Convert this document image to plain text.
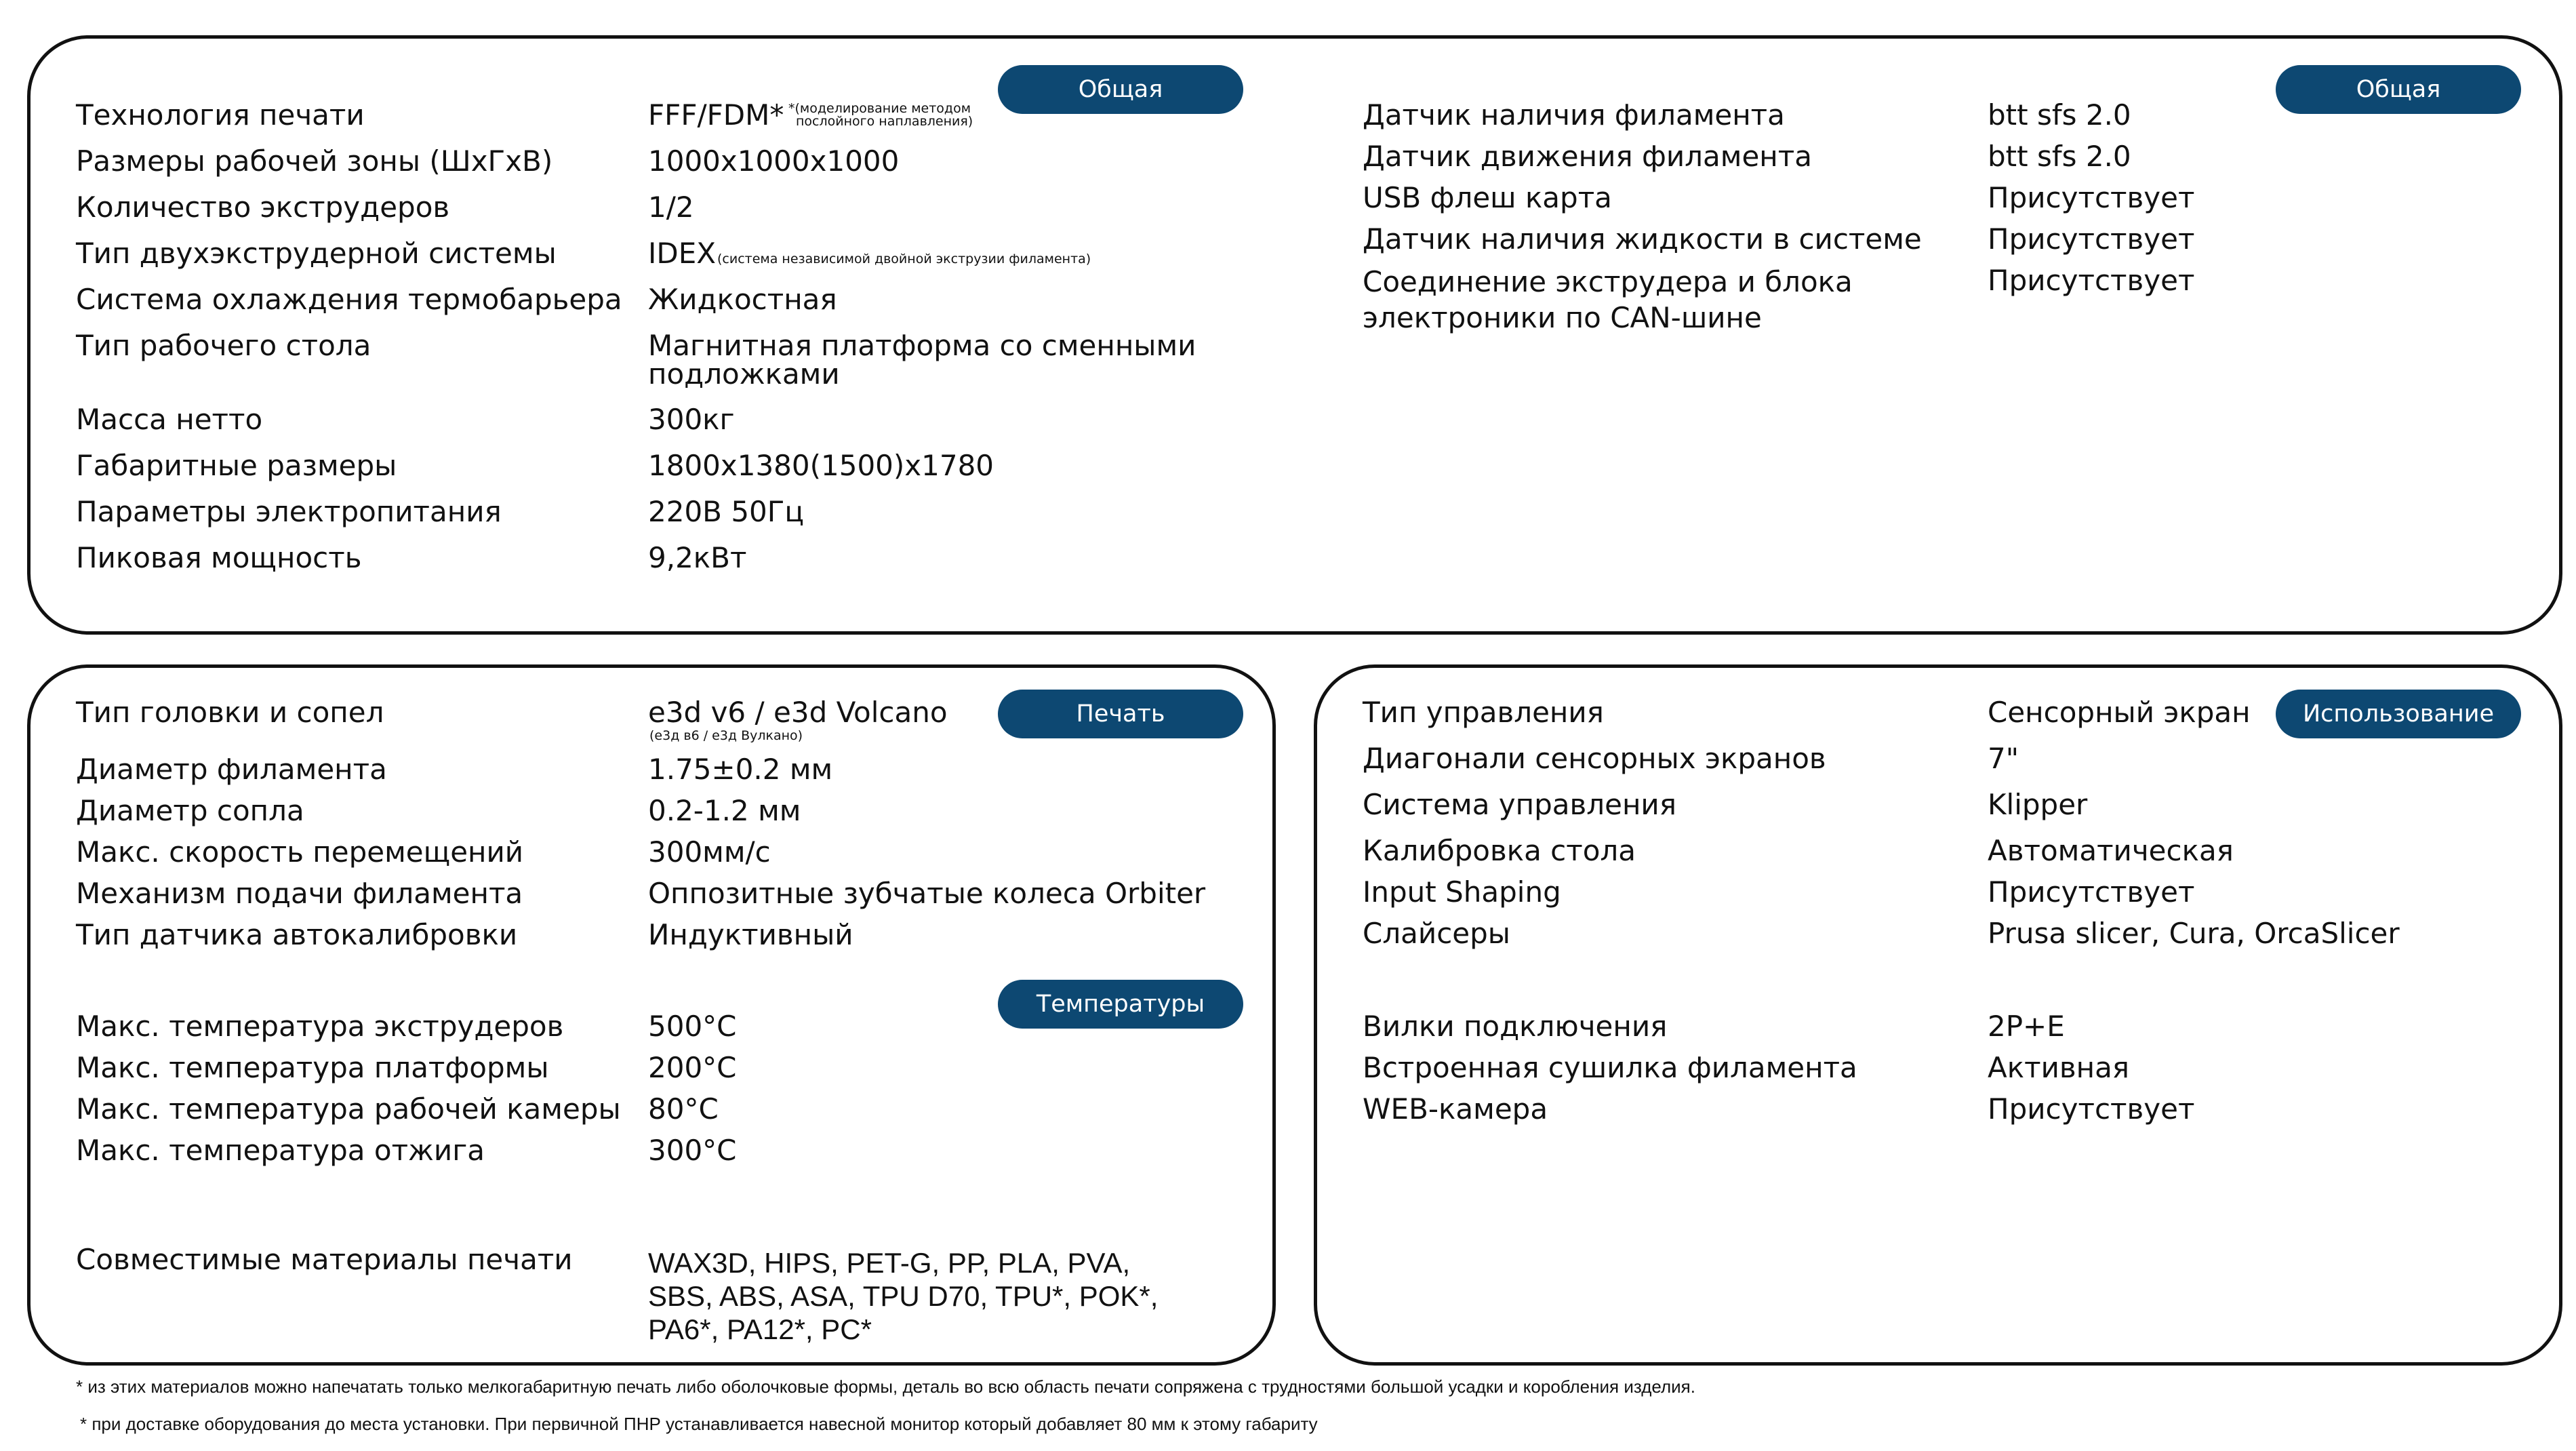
Общая информация
Общая информация
Технология печати
Размеры рабочей зоны (ШхГхВ)
Количество экструдеров
Тип двухэкструдерной системы
Система охлаждения термобарьера
Тип рабочего стола
Масса нетто
Габаритные размеры
Параметры электропитания
Пиковая мощность
FFF/FDM* *(моделирование методом
послойного наплавления)
1000x1000x1000
1/2
IDEX (система независимой двойной экструзии филамента)
Жидкостная
Магнитная платформа со сменными
подложками
300кг
1800x1380(1500)x1780
220В 50Гц
9,2кВт
Датчик наличия филамента
Датчик движения филамента
USB флеш карта
Датчик наличия жидкости в системе
Соединение экструдера и блока
электроники по CAN-шине
btt sfs 2.0
btt sfs 2.0
Присутствует
Присутствует
Присутствует
Печать филаментом
Температуры
Тип головки и сопел
Диаметр филамента
Диаметр сопла
Макс. скорость перемещений
Механизм подачи филамента
Тип датчика автокалибровки
e3d v6 / e3d Volcano
(е3д в6 / е3д Вулкано)
1.75±0.2 мм
0.2-1.2 мм
300мм/с
Оппозитные зубчатые колеса Orbiter
Индуктивный
Макс. температура экструдеров
Макс. температура платформы
Макс. температура рабочей камеры
Макс. температура отжига
500°C
200°C
80°C
300°C
Совместимые материалы печати	WAX3D, HIPS, PET-G, PP, PLA, PVA,
SBS, ABS, ASA, TPU D70, TPU*, POK*,
PA6*, PA12*, PC*
Использование
Тип управления
Диагонали сенсорных экранов
Система управления
Калибровка стола
Input Shaping
Слайсеры
Вилки подключения
Встроенная сушилка филамента
WEB-камера
Сенсорный экран
7"
Klipper
Автоматическая
Присутствует
Prusa slicer, Cura, OrcaSlicer
2P+E
Активная
Присутствует
* из этих материалов можно напечатать только мелкогабаритную печать либо оболочковые формы, деталь во всю область печати сопряжена с трудностями большой усадки и коробления изделия.
* при доставке оборудования до места установки. При первичной ПНР устанавливается навесной монитор который добавляет 80 мм к этому габариту
